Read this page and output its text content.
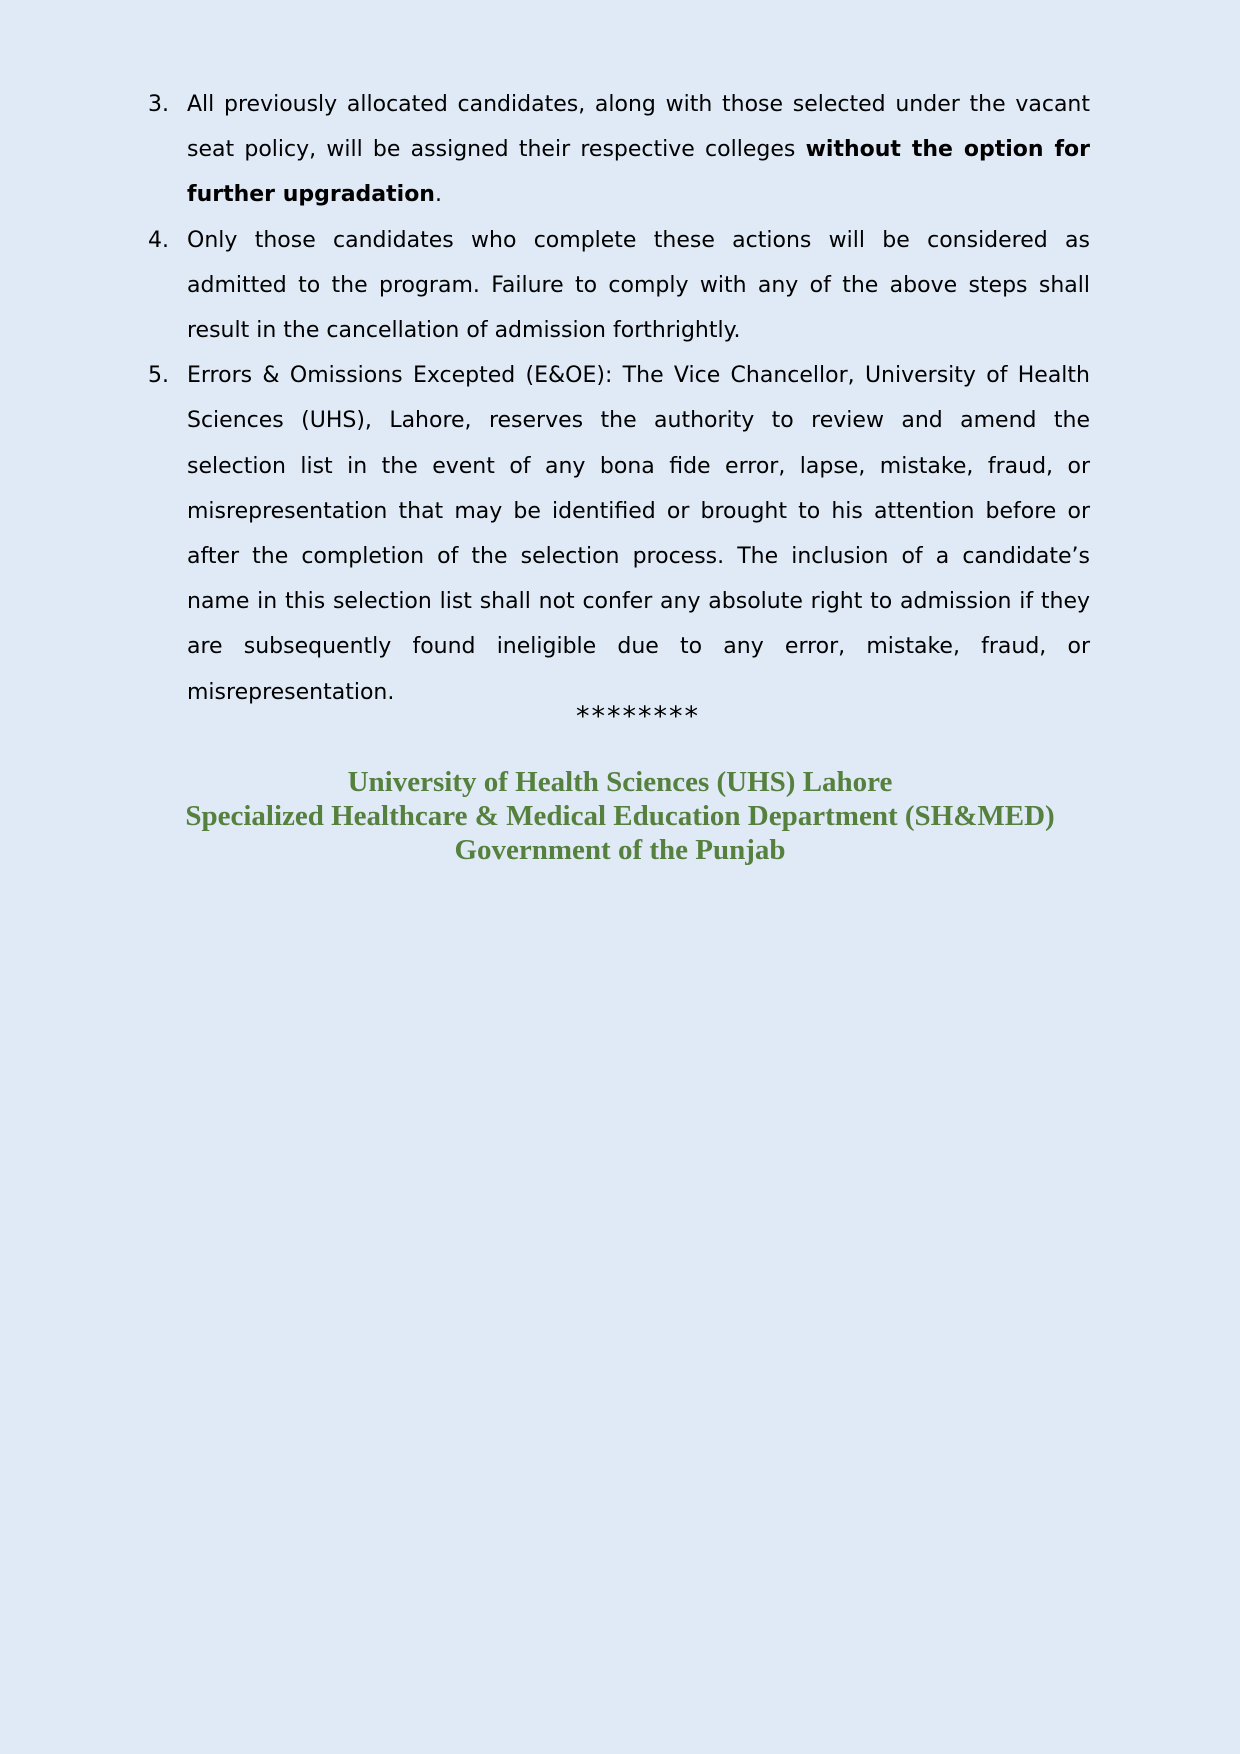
3. All previously allocated candidates, along with those selected under the vacant seat policy, will be assigned their respective colleges without the option for further upgradation.
4. Only those candidates who complete these actions will be considered as admitted to the program. Failure to comply with any of the above steps shall result in the cancellation of admission forthrightly.
5. Errors & Omissions Excepted (E&OE): The Vice Chancellor, University of Health Sciences (UHS), Lahore, reserves the authority to review and amend the selection list in the event of any bona fide error, lapse, mistake, fraud, or misrepresentation that may be identified or brought to his attention before or after the completion of the selection process. The inclusion of a candidate’s name in this selection list shall not confer any absolute right to admission if they are subsequently found ineligible due to any error, mistake, fraud, or misrepresentation.
********
University of Health Sciences (UHS) Lahore
Specialized Healthcare & Medical Education Department (SH&MED)
Government of the Punjab
